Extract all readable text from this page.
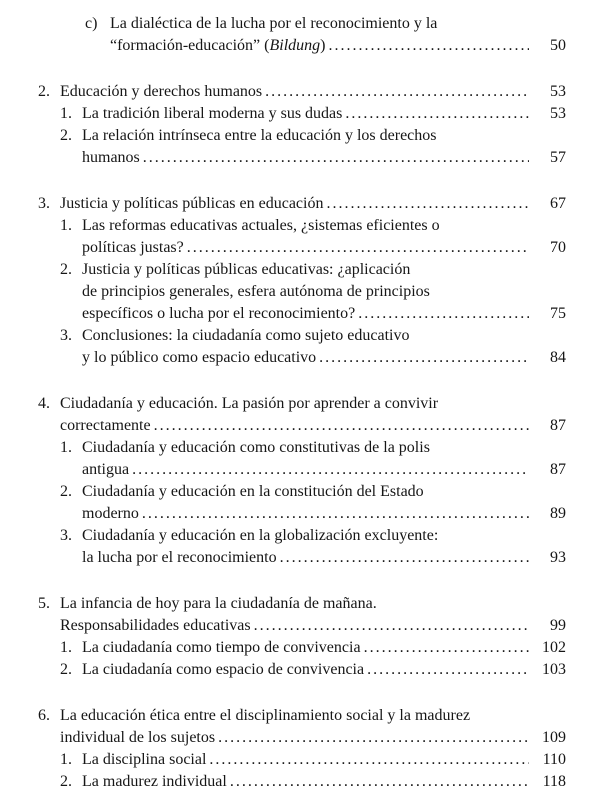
c) La dialéctica de la lucha por el reconocimiento y la
“formación-educación” (Bildung) .....	50
2. Educación y derechos humanos .....	53
1. La tradición liberal moderna y sus dudas .....	53
2. La relación intrínseca entre la educación y los derechos
humanos .....	57
3. Justicia y políticas públicas en educación .....	67
1. Las reformas educativas actuales, ¿sistemas eficientes o
políticas justas? .....	70
2. Justicia y políticas públicas educativas: ¿aplicación
de principios generales, esfera autónoma de principios
específicos o lucha por el reconocimiento? .....	75
3. Conclusiones: la ciudadanía como sujeto educativo
y lo público como espacio educativo .....	84
4. Ciudadanía y educación. La pasión por aprender a convivir
correctamente .....	87
1. Ciudadanía y educación como constitutivas de la polis
antigua .....	87
2. Ciudadanía y educación en la constitución del Estado
moderno .....	89
3. Ciudadanía y educación en la globalización excluyente:
la lucha por el reconocimiento .....	93
5. La infancia de hoy para la ciudadanía de mañana.
Responsabilidades educativas .....	99
1. La ciudadanía como tiempo de convivencia .....	102
2. La ciudadanía como espacio de convivencia .....	103
6. La educación ética entre el disciplinamiento social y la madurez
individual de los sujetos .....	109
1. La disciplina social .....	110
2. La madurez individual .....	118
